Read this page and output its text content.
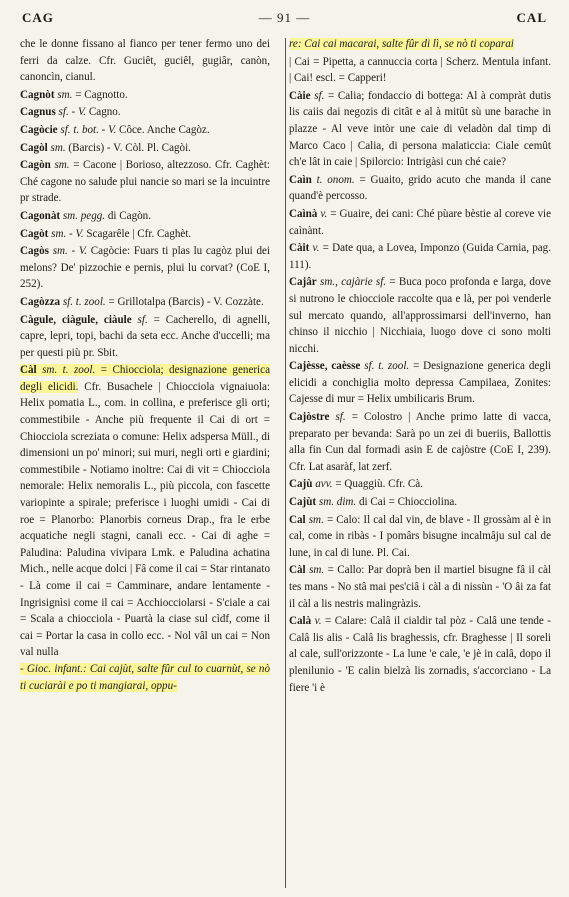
CAG	— 91 —	CAL

che le donne fissano al fianco per tener fermo uno dei ferri da calze. Cfr. Guciêt, guciêl, gugiâr, canòn, canoncìn, cianul.

Cagnòt sm. = Cagnotto.

Cagnus sf. - V. Cagno.

Cagòcie sf. t. bot. - V. Côce. Anche Cagòz.

Cagòl sm. (Barcis) - V. Còl. Pl. Cagòi.

Cagòn sm. = Cacone | Borioso, altezzoso. Cfr. Caghèt: Ché cagone no salude plui nancie so mari se la incuintre pr strade.

Cagonàt sm. pegg. di Cagòn.

Cagòt sm. - V. Scagarêle | Cfr. Caghèt.

Cagòs sm. - V. Cagòcie: Fuars ti plas lu cagòz plui dei melons? De' pizzochie e pernis, plui lu corvat? (CoE I, 252).

Cagòzza sf. t. zool. = Grillotalpa (Barcis) - V. Cozzàte.

Càgule, ciàgule, ciàule sf. = Cacherello, di agnelli, capre, lepri, topi, bachi da seta ecc. Anche d'uccelli; ma per questi più pr. Sbit.

Càl sm. t. zool. = Chiocciola; designazione generica degli elicidi. Cfr. Busachele | Chiocciola vignaiuola: Helix pomatia L., com. in collina, e preferisce gli orti; commestibile - Anche più frequente il Cai di ort = Chiocciola screziata o comune: Helix adspersa Müll., di dimensioni un po' minori; sui muri, negli orti e giardini; commestibile - Notiamo inoltre: Cai di vit = Chiocciola nemorale: Helix nemoralis L., più piccola, con fascette variopinte a spirale; preferisce i luoghi umidi - Cai di roe = Planorbo: Planorbis corneus Drap., fra le erbe acquatiche negli stagni, canali ecc. - Cai di aghe = Paludina: Paludina vivipara Lmk. e Paludina achatina Mich., nelle acque dolci | Fâ come il cai = Star rintanato - Là come il cai = Camminare, andare lentamente - Ingrisignìsi come il cai = Acchiocciolarsi - S'ciale a cai = Scala a chiocciola - Puartà la ciase sul cìdf, come il cai = Portar la casa in collo ecc. - Nol vâl un cai = Non val nulla

- Gioc. infant.: Cai cajùt, salte fûr cul to cuarnùt, se nò ti cuciarài e po ti mangiarai, oppu-

re: Cai cai macarai, salte fûr di lì, se nò ti coparai

| Cai = Pipetta, a cannuccia corta | Scherz. Mentula infant. | Cai! escl. = Capperi!

Càie sf. = Calia; fondaccio di bottega: Al à compràt dutis lis caiis dai negozis di citât e al à mitût sù une barache in plazze - Al veve intòr une caie di veladòn dal timp di Marco Caco | Calia, di persona malaticcia: Ciale cemût ch'e lât in caie | Spilorcio: Intrigàsi cun ché caie?

Caìn t. onom. = Guaito, grido acuto che manda il cane quand'è percosso.

Caìnà v. = Guaire, dei cani: Ché pùare bèstie al coreve vie caìnànt.

Càit v. = Date qua, a Lovea, Imponzo (Guida Carnia, pag. 111).

Cajâr sm., cajàrie sf. = Buca poco profonda e larga, dove si nutrono le chiocciole raccolte qua e là, per poi venderle sul mercato quando, all'approssimarsi dell'inverno, han chinso il nicchio | Nicchiaia, luogo dove ci sono molti nicchi.

Cajèsse, caèsse sf. t. zool. = Designazione generica degli elicidi a conchiglia molto depressa Campilaea, Zonites: Cajesse di mur = Helix umbilicaris Brum.

Cajòstre sf. = Colostro | Anche primo latte di vacca, preparato per bevanda: Sarà po un zei di bueriis, Ballottis alla fin Cun dal formadi asin E de cajòstre (CoE I, 239). Cfr. Lat asaràf, lat zerf.

Cajù avv. = Quaggiù. Cfr. Cà.

Cajùt sm. dim. di Cai = Chiocciolina.

Cal sm. = Calo: Il cal dal vin, de blave - Il grossàm al è in cal, come in ribàs - I pomârs bisugne incalmâju sul cal de lune, in cal di lune. Pl. Cai.

Càl sm. = Callo: Par doprà ben il martiel bisugne fâ il càl tes mans - No stâ mai pes'ciâ i càl a di nissùn - 'O âi za fat il càl a lis nestris malingràzis.

Calà v. = Calare: Calâ il cialdir tal pòz - Calâ une tende - Calâ lis alis - Calâ lis braghessis, cfr. Braghesse | Il soreli al cale, sull'orizzonte - La lune 'e cale, 'e jè in calâ, dopo il plenilunio - 'E calin bielzà lis zornadis, s'accorciano - La fiere 'i è
